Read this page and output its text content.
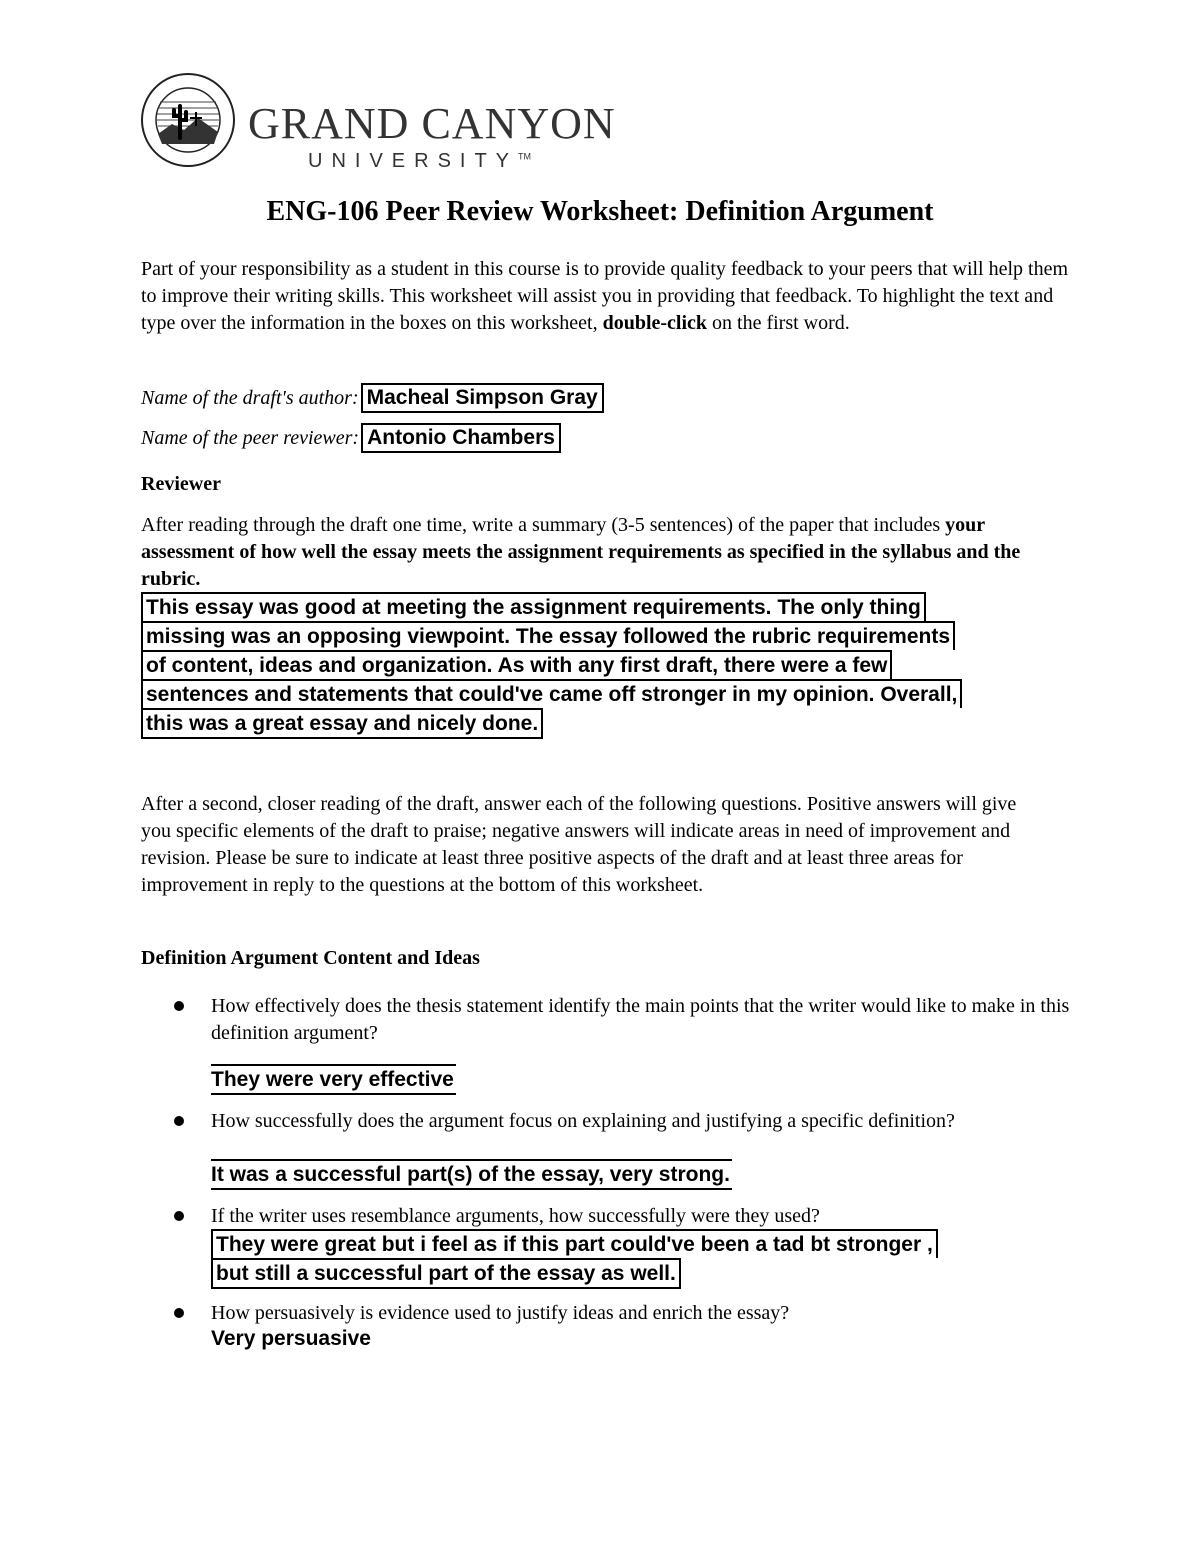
GRAND CANYON
UNIVERSITY™
ENG-106 Peer Review Worksheet: Definition Argument
Part of your responsibility as a student in this course is to provide quality feedback to your peers that will help them to improve their writing skills. This worksheet will assist you in providing that feedback. To highlight the text and type over the information in the boxes on this worksheet, double-click on the first word.
Name of the draft's author: Macheal Simpson Gray
Name of the peer reviewer: Antonio Chambers
Reviewer
After reading through the draft one time, write a summary (3-5 sentences) of the paper that includes your assessment of how well the essay meets the assignment requirements as specified in the syllabus and the rubric.
This essay was good at meeting the assignment requirements. The only thing
missing was an opposing viewpoint. The essay followed the rubric requirements
of content, ideas and organization. As with any first draft, there were a few
sentences and statements that could've came off stronger in my opinion. Overall,
this was a great essay and nicely done.
After a second, closer reading of the draft, answer each of the following questions. Positive answers will give you specific elements of the draft to praise; negative answers will indicate areas in need of improvement and revision. Please be sure to indicate at least three positive aspects of the draft and at least three areas for improvement in reply to the questions at the bottom of this worksheet.
Definition Argument Content and Ideas
How effectively does the thesis statement identify the main points that the writer would like to make in this definition argument?
They were very effective
How successfully does the argument focus on explaining and justifying a specific definition?
It was a successful part(s) of the essay, very strong.
If the writer uses resemblance arguments, how successfully were they used?
They were great but i feel as if this part could've been a tad bt stronger ,
but still a successful part of the essay as well.
How persuasively is evidence used to justify ideas and enrich the essay?
Very persuasive
